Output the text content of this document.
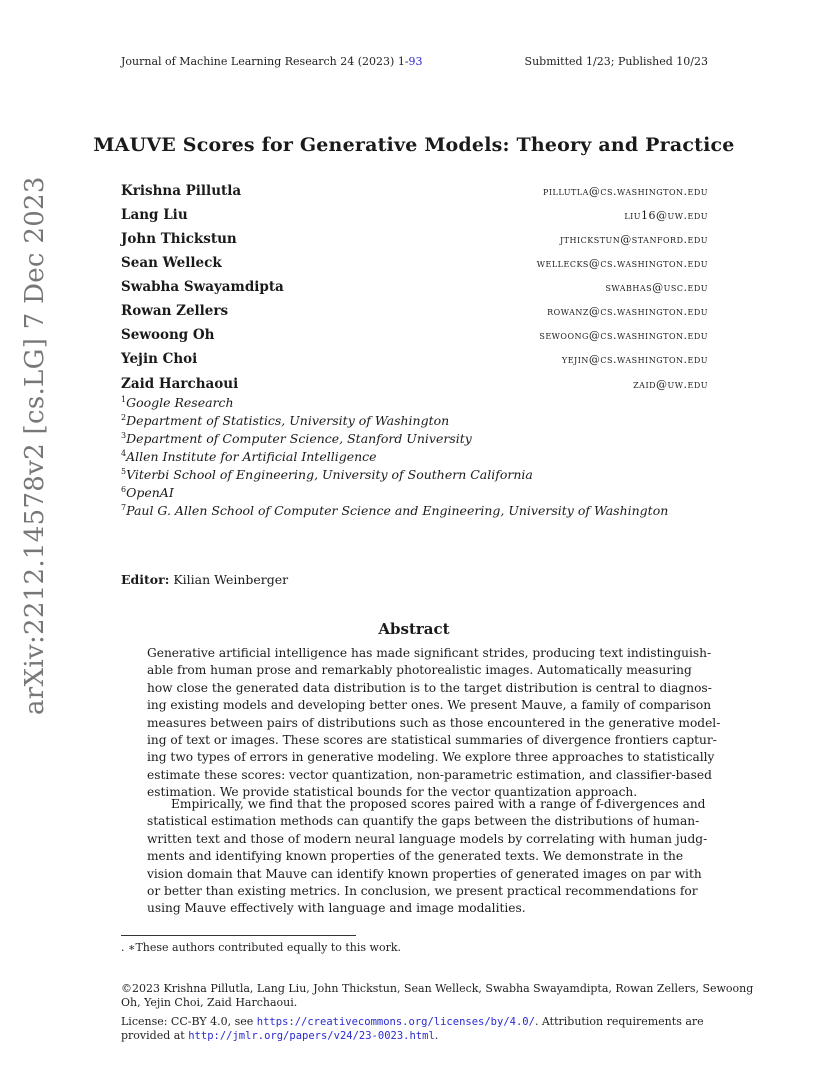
Journal of Machine Learning Research 24 (2023) 1-93	Submitted 1/23; Published 10/23
MAUVE Scores for Generative Models: Theory and Practice
Krishna Pillutla	pillutla@cs.washington.edu
Lang Liu	liu16@uw.edu
John Thickstun	jthickstun@stanford.edu
Sean Welleck	wellecks@cs.washington.edu
Swabha Swayamdipta	swabhas@usc.edu
Rowan Zellers	rowanz@cs.washington.edu
Sewoong Oh	sewoong@cs.washington.edu
Yejin Choi	yejin@cs.washington.edu
Zaid Harchaoui	zaid@uw.edu
$^1$Google Research
$^2$Department of Statistics, University of Washington
$^3$Department of Computer Science, Stanford University
$^4$Allen Institute for Artificial Intelligence
$^5$Viterbi School of Engineering, University of Southern California
$^6$OpenAI
$^7$Paul G. Allen School of Computer Science and Engineering, University of Washington
Editor: Kilian Weinberger
Abstract
Generative artificial intelligence has made significant strides, producing text indistinguish-
able from human prose and remarkably photorealistic images. Automatically measuring
how close the generated data distribution is to the target distribution is central to diagnos-
ing existing models and developing better ones. We present Mauve, a family of comparison
measures between pairs of distributions such as those encountered in the generative model-
ing of text or images. These scores are statistical summaries of divergence frontiers captur-
ing two types of errors in generative modeling. We explore three approaches to statistically
estimate these scores: vector quantization, non-parametric estimation, and classifier-based
estimation. We provide statistical bounds for the vector quantization approach.
Empirically, we find that the proposed scores paired with a range of f-divergences and
statistical estimation methods can quantify the gaps between the distributions of human-
written text and those of modern neural language models by correlating with human judg-
ments and identifying known properties of the generated texts. We demonstrate in the
vision domain that Mauve can identify known properties of generated images on par with
or better than existing metrics. In conclusion, we present practical recommendations for
using Mauve effectively with language and image modalities.
. ∗These authors contributed equally to this work.
©2023 Krishna Pillutla, Lang Liu, John Thickstun, Sean Welleck, Swabha Swayamdipta, Rowan Zellers, Sewoong
Oh, Yejin Choi, Zaid Harchaoui.
License: CC-BY 4.0, see https://creativecommons.org/licenses/by/4.0/. Attribution requirements are
provided at http://jmlr.org/papers/v24/23-0023.html.
arXiv:2212.14578v2 [cs.LG] 7 Dec 2023
